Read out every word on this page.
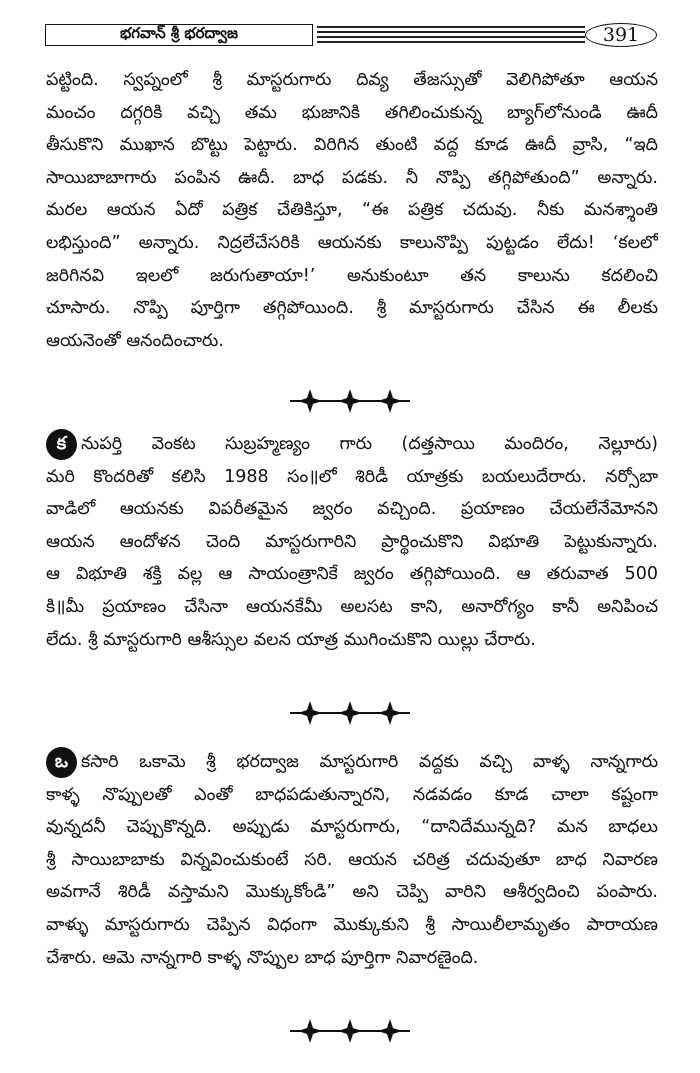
భగవాన్ శ్రీ భరద్వాజ	391

పట్టింది. స్వప్నంలో శ్రీ మాస్టరుగారు దివ్య తేజస్సుతో వెలిగిపోతూ ఆయన
మంచం దగ్గరికి వచ్చి తమ భుజానికి తగిలించుకున్న బ్యాగ్‌లోనుండి ఊదీ
తీసుకొని ముఖాన బొట్టు పెట్టారు. విరిగిన తుంటి వద్ద కూడ ఊదీ వ్రాసి, “ఇది
సాయిబాబాగారు పంపిన ఊదీ. బాధ పడకు. నీ నొప్పి తగ్గిపోతుంది” అన్నారు.
మరల ఆయన ఏదో పత్రిక చేతికిస్తూ, “ఈ పత్రిక చదువు. నీకు మనశ్శాంతి
లభిస్తుంది” అన్నారు. నిద్రలేచేసరికి ఆయనకు కాలునొప్పి పుట్టడం లేదు! ‘కలలో
జరిగినవి ఇలలో జరుగుతాయా!’ అనుకుంటూ తన కాలును కదలించి
చూసారు. నొప్పి పూర్తిగా తగ్గిపోయింది. శ్రీ మాస్టరుగారు చేసిన ఈ లీలకు
ఆయనెంతో ఆనందించారు.

క నుపర్తి వెంకట సుబ్రహ్మణ్యం గారు (దత్తసాయి మందిరం, నెల్లూరు)
మరి కొందరితో కలిసి 1988 సం॥లో శిరిడీ యాత్రకు బయలుదేరారు. నర్సోబా
వాడిలో ఆయనకు విపరీతమైన జ్వరం వచ్చింది. ప్రయాణం చేయలేనేమోనని
ఆయన ఆందోళన చెంది మాస్టరుగారిని ప్రార్థించుకొని విభూతి పెట్టుకున్నారు.
ఆ విభూతి శక్తి వల్ల ఆ సాయంత్రానికే జ్వరం తగ్గిపోయింది. ఆ తరువాత 500
కి॥మీ ప్రయాణం చేసినా ఆయనకేమీ అలసట కాని, అనారోగ్యం కానీ అనిపించ
లేదు. శ్రీ మాస్టరుగారి ఆశీస్సుల వలన యాత్ర ముగించుకొని యిల్లు చేరారు.

ఒ కసారి ఒకామె శ్రీ భరద్వాజ మాస్టరుగారి వద్దకు వచ్చి వాళ్ళ నాన్నగారు
కాళ్ళ నొప్పులతో ఎంతో బాధపడుతున్నారని, నడవడం కూడ చాలా కష్టంగా
వున్నదనీ చెప్పుకొన్నది. అప్పుడు మాస్టరుగారు, “దానిదేమున్నది? మన బాధలు
శ్రీ సాయిబాబాకు విన్నవించుకుంటే సరి. ఆయన చరిత్ర చదువుతూ బాధ నివారణ
అవగానే శిరిడీ వస్తామని మొక్కుకోండి” అని చెప్పి వారిని ఆశీర్వదించి పంపారు.
వాళ్ళు మాస్టరుగారు చెప్పిన విధంగా మొక్కుకుని శ్రీ సాయిలీలామృతం పారాయణ
చేశారు. ఆమె నాన్నగారి కాళ్ళ నొప్పుల బాధ పూర్తిగా నివారణైంది.
